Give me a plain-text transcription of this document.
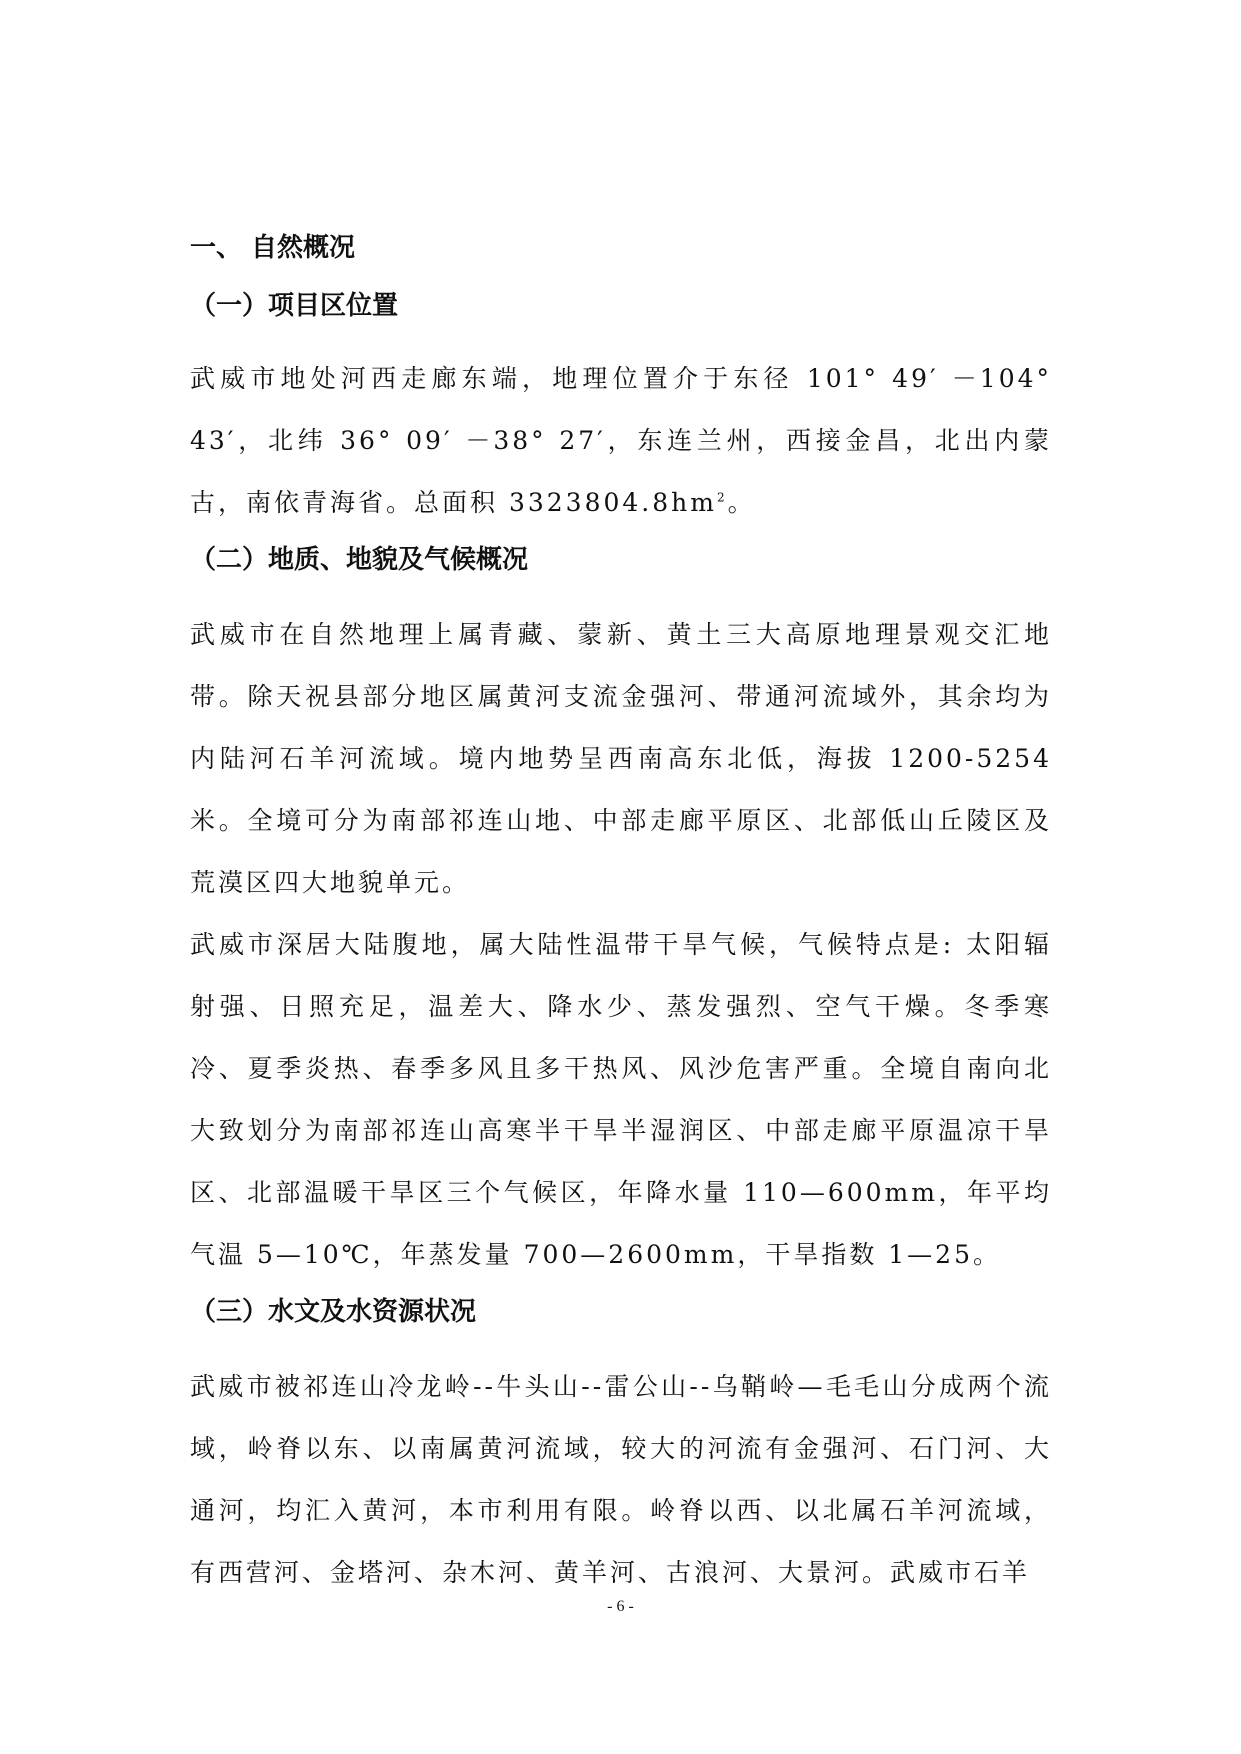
一、 自然概况
（一）项目区位置

武威市地处河西走廊东端，地理位置介于东径 101° 49′ －104° 43′，北纬 36° 09′ －38° 27′，东连兰州，西接金昌，北出内蒙古，南依青海省。总面积 $3323804.8hm^2$。

（二）地质、地貌及气候概况

武威市在自然地理上属青藏、蒙新、黄土三大高原地理景观交汇地带。除天祝县部分地区属黄河支流金强河、带通河流域外，其余均为内陆河石羊河流域。境内地势呈西南高东北低，海拔 1200-5254 米。全境可分为南部祁连山地、中部走廊平原区、北部低山丘陵区及荒漠区四大地貌单元。

武威市深居大陆腹地，属大陆性温带干旱气候，气候特点是: 太阳辐射强、日照充足，温差大、降水少、蒸发强烈、空气干燥。冬季寒冷、夏季炎热、春季多风且多干热风、风沙危害严重。全境自南向北大致划分为南部祁连山高寒半干旱半湿润区、中部走廊平原温凉干旱区、北部温暖干旱区三个气候区，年降水量 110—600mm，年平均气温 5—10℃，年蒸发量 700—2600mm，干旱指数 1—25。

（三）水文及水资源状况

武威市被祁连山冷龙岭--牛头山--雷公山--乌鞘岭—毛毛山分成两个流域，岭脊以东、以南属黄河流域，较大的河流有金强河、石门河、大通河，均汇入黄河，本市利用有限。岭脊以西、以北属石羊河流域，有西营河、金塔河、杂木河、黄羊河、古浪河、大景河。武威市石羊

- 6 -
